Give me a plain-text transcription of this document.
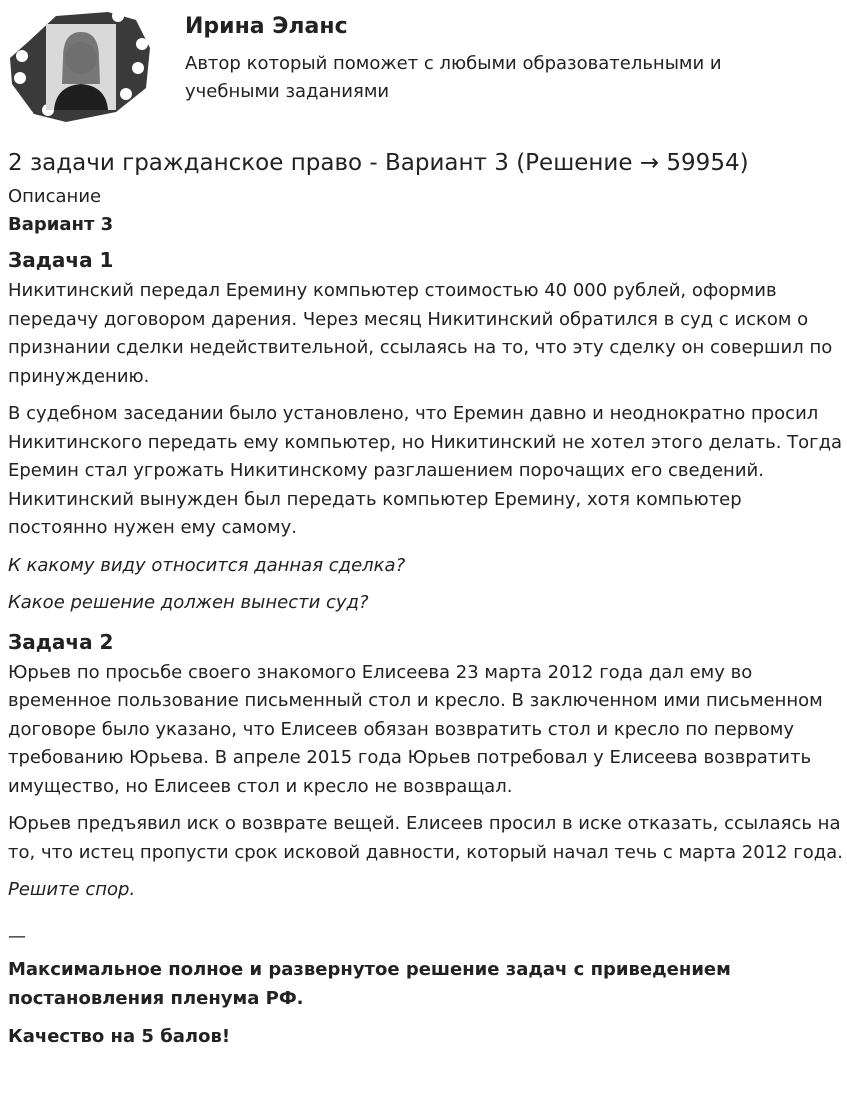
Ирина Эланс
Автор который поможет с любыми образовательными и учебными заданиями
2 задачи гражданское право - Вариант 3 (Решение → 59954)
Описание
Вариант 3
Задача 1

Никитинский передал Еремину компьютер стоимостью 40 000 рублей, оформив передачу договором дарения. Через месяц Никитинский обратился в суд с иском о признании сделки недействительной, ссылаясь на то, что эту сделку он совершил по принуждению.

В судебном заседании было установлено, что Еремин давно и неоднократно просил Никитинского передать ему компьютер, но Никитинский не хотел этого делать. Тогда Еремин стал угрожать Никитинскому разглашением порочащих его сведений. Никитинский вынужден был передать компьютер Еремину, хотя компьютер постоянно нужен ему самому.

К какому виду относится данная сделка?

Какое решение должен вынести суд?

Задача 2

Юрьев по просьбе своего знакомого Елисеева 23 марта 2012 года дал ему во временное пользование письменный стол и кресло. В заключенном ими письменном договоре было указано, что Елисеев обязан возвратить стол и кресло по первому требованию Юрьева. В апреле 2015 года Юрьев потребовал у Елисеева возвратить имущество, но Елисеев стол и кресло не возвращал.

Юрьев предъявил иск о возврате вещей. Елисеев просил в иске отказать, ссылаясь на то, что истец пропусти срок исковой давности, который начал течь с марта 2012 года.

Решите спор.

—
Максимальное полное и развернутое решение задач с приведением постановления пленума РФ.
Качество на 5 балов!
